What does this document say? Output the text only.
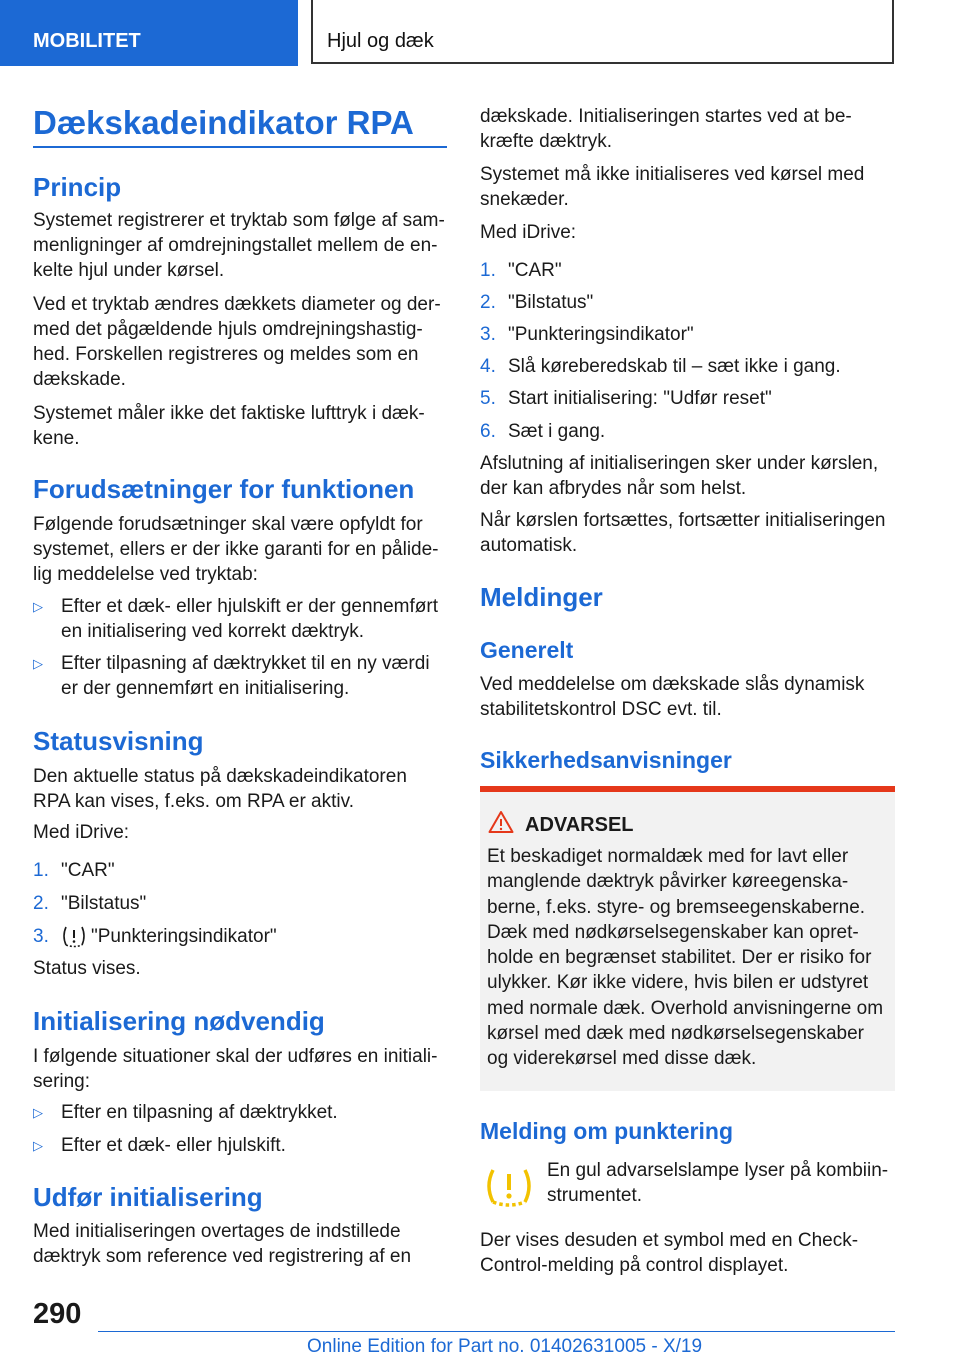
MOBILITET	Hjul og dæk
Dækskadeindikator RPA
Princip
Systemet registrerer et tryktab som følge af sam-
menligninger af omdrejningstallet mellem de en-
kelte hjul under kørsel.
Ved et tryktab ændres dækkets diameter og der-
med det pågældende hjuls omdrejningshastig-
hed. Forskellen registreres og meldes som en
dækskade.
Systemet måler ikke det faktiske lufttryk i dæk-
kene.
Forudsætninger for funktionen
Følgende forudsætninger skal være opfyldt for
systemet, ellers er der ikke garanti for en pålide-
lig meddelelse ved tryktab:
▷ Efter et dæk- eller hjulskift er der gennemført
en initialisering ved korrekt dæktryk.
▷ Efter tilpasning af dæktrykket til en ny værdi
er der gennemført en initialisering.
Statusvisning
Den aktuelle status på dækskadeindikatoren
RPA kan vises, f.eks. om RPA er aktiv.
Med iDrive:
1. "CAR"
2. "Bilstatus"
3. "Punkteringsindikator"
Status vises.
Initialisering nødvendig
I følgende situationer skal der udføres en initiali-
sering:
▷ Efter en tilpasning af dæktrykket.
▷ Efter et dæk- eller hjulskift.
Udfør initialisering
Med initialiseringen overtages de indstillede
dæktryk som reference ved registrering af en
dækskade. Initialiseringen startes ved at be-
kræfte dæktryk.
Systemet må ikke initialiseres ved kørsel med
snekæder.
Med iDrive:
1. "CAR"
2. "Bilstatus"
3. "Punkteringsindikator"
4. Slå køreberedskab til – sæt ikke i gang.
5. Start initialisering: "Udfør reset"
6. Sæt i gang.
Afslutning af initialiseringen sker under kørslen,
der kan afbrydes når som helst.
Når kørslen fortsættes, fortsætter initialiseringen
automatisk.
Meldinger
Generelt
Ved meddelelse om dækskade slås dynamisk
stabilitetskontrol DSC evt. til.
Sikkerhedsanvisninger
ADVARSEL
Et beskadiget normaldæk med for lavt eller
manglende dæktryk påvirker køreegenska-
berne, f.eks. styre- og bremseegenskaberne.
Dæk med nødkørselsegenskaber kan opret-
holde en begrænset stabilitet. Der er risiko for
ulykker. Kør ikke videre, hvis bilen er udstyret
med normale dæk. Overhold anvisningerne om
kørsel med dæk med nødkørselsegenskaber
og viderekørsel med disse dæk.
Melding om punktering
En gul advarselslampe lyser på kombiin-
strumentet.
Der vises desuden et symbol med en Check-
Control-melding på control displayet.
290
Online Edition for Part no. 01402631005 - X/19
